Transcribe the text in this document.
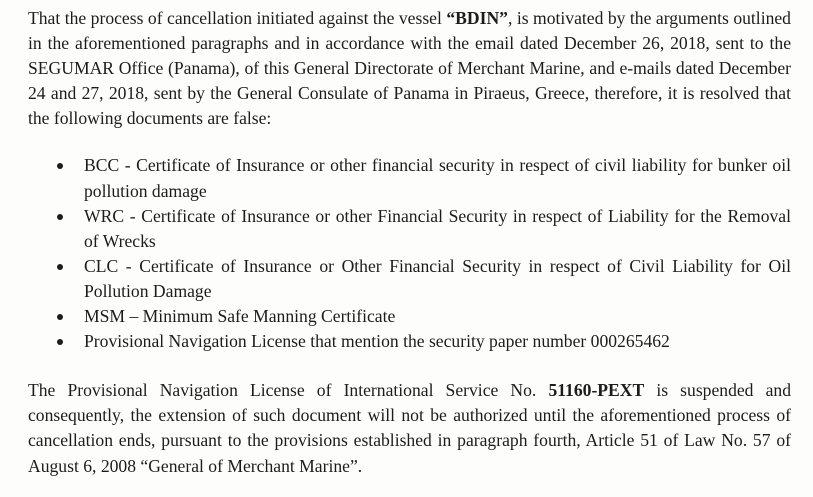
That the process of cancellation initiated against the vessel “BDIN”, is motivated by the arguments outlined in the aforementioned paragraphs and in accordance with the email dated December 26, 2018, sent to the SEGUMAR Office (Panama), of this General Directorate of Merchant Marine, and e-mails dated December 24 and 27, 2018, sent by the General Consulate of Panama in Piraeus, Greece, therefore, it is resolved that the following documents are false:

BCC - Certificate of Insurance or other financial security in respect of civil liability for bunker oil pollution damage
WRC - Certificate of Insurance or other Financial Security in respect of Liability for the Removal of Wrecks
CLC - Certificate of Insurance or Other Financial Security in respect of Civil Liability for Oil Pollution Damage
MSM – Minimum Safe Manning Certificate
Provisional Navigation License that mention the security paper number 000265462

The Provisional Navigation License of International Service No. 51160-PEXT is suspended and consequently, the extension of such document will not be authorized until the aforementioned process of cancellation ends, pursuant to the provisions established in paragraph fourth, Article 51 of Law No. 57 of August 6, 2008 “General of Merchant Marine”.
